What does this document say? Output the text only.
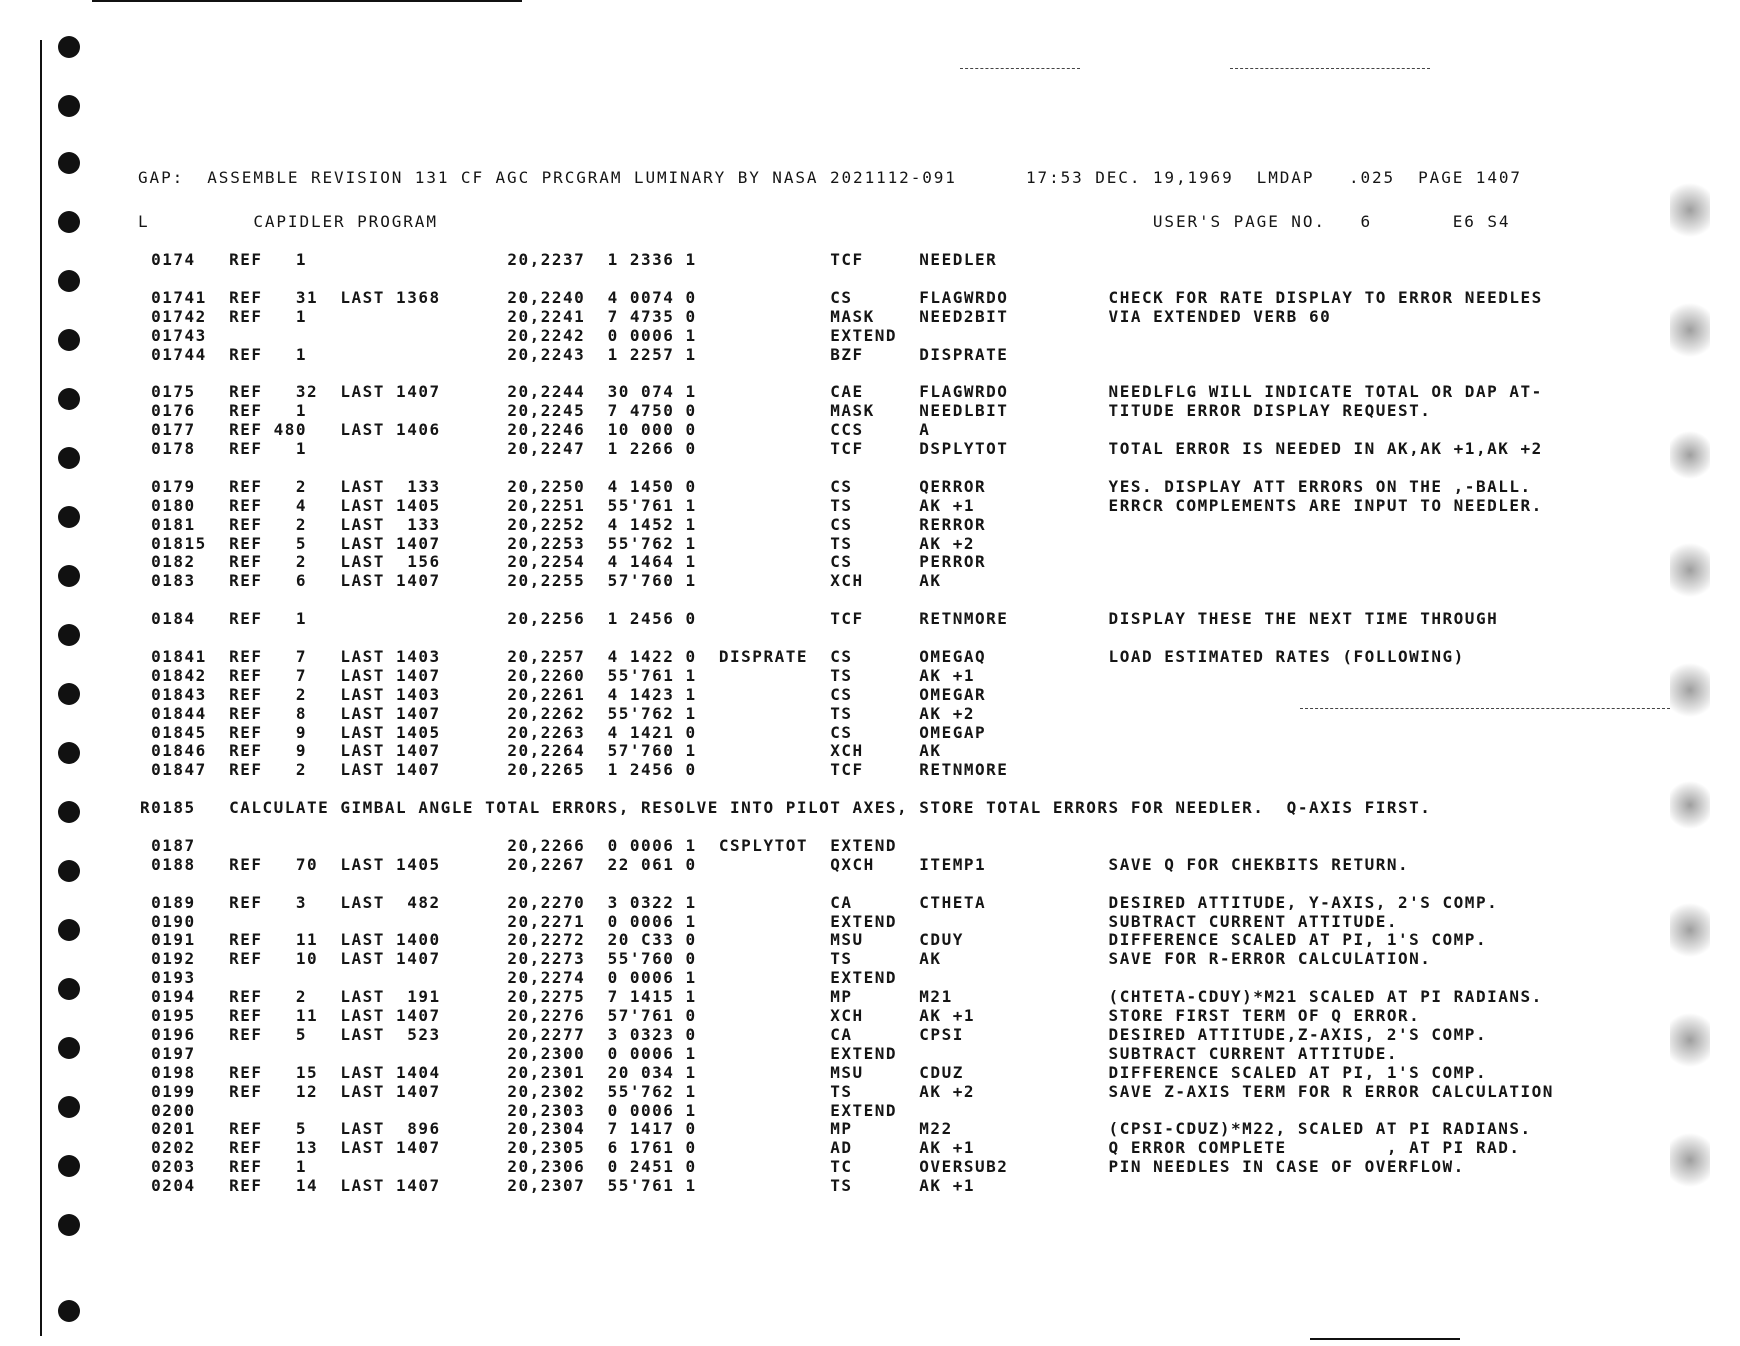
GAP:  ASSEMBLE REVISION 131 CF AGC PRCGRAM LUMINARY BY NASA 2021112-091      17:53 DEC. 19,1969  LMDAP   .025  PAGE 1407
L         CAPIDLER PROGRAM                                                              USER'S PAGE NO.   6       E6 S4
0174   REF   1                  20,2237  1 2336 1            TCF     NEEDLER
01741  REF   31  LAST 1368      20,2240  4 0074 0            CS      FLAGWRDO         CHECK FOR RATE DISPLAY TO ERROR NEEDLES
01742  REF   1                  20,2241  7 4735 0            MASK    NEED2BIT         VIA EXTENDED VERB 60
01743                           20,2242  0 0006 1            EXTEND
01744  REF   1                  20,2243  1 2257 1            BZF     DISPRATE
0175   REF   32  LAST 1407      20,2244  30 074 1            CAE     FLAGWRDO         NEEDLFLG WILL INDICATE TOTAL OR DAP AT-
0176   REF   1                  20,2245  7 4750 0            MASK    NEEDLBIT         TITUDE ERROR DISPLAY REQUEST.
0177   REF 480   LAST 1406      20,2246  10 000 0            CCS     A
0178   REF   1                  20,2247  1 2266 0            TCF     DSPLYTOT         TOTAL ERROR IS NEEDED IN AK,AK +1,AK +2
0179   REF   2   LAST  133      20,2250  4 1450 0            CS      QERROR           YES. DISPLAY ATT ERRORS ON THE ,-BALL.
0180   REF   4   LAST 1405      20,2251  55'761 1            TS      AK +1            ERRCR COMPLEMENTS ARE INPUT TO NEEDLER.
0181   REF   2   LAST  133      20,2252  4 1452 1            CS      RERROR
01815  REF   5   LAST 1407      20,2253  55'762 1            TS      AK +2
0182   REF   2   LAST  156      20,2254  4 1464 1            CS      PERROR
0183   REF   6   LAST 1407      20,2255  57'760 1            XCH     AK
0184   REF   1                  20,2256  1 2456 0            TCF     RETNMORE         DISPLAY THESE THE NEXT TIME THROUGH
01841  REF   7   LAST 1403      20,2257  4 1422 0  DISPRATE  CS      OMEGAQ           LOAD ESTIMATED RATES (FOLLOWING)
01842  REF   7   LAST 1407      20,2260  55'761 1            TS      AK +1
01843  REF   2   LAST 1403      20,2261  4 1423 1            CS      OMEGAR
01844  REF   8   LAST 1407      20,2262  55'762 1            TS      AK +2
01845  REF   9   LAST 1405      20,2263  4 1421 0            CS      OMEGAP
01846  REF   9   LAST 1407      20,2264  57'760 1            XCH     AK
01847  REF   2   LAST 1407      20,2265  1 2456 0            TCF     RETNMORE
R0185   CALCULATE GIMBAL ANGLE TOTAL ERRORS, RESOLVE INTO PILOT AXES, STORE TOTAL ERRORS FOR NEEDLER.  Q-AXIS FIRST.
0187                            20,2266  0 0006 1  CSPLYTOT  EXTEND
0188   REF   70  LAST 1405      20,2267  22 061 0            QXCH    ITEMP1           SAVE Q FOR CHEKBITS RETURN.
0189   REF   3   LAST  482      20,2270  3 0322 1            CA      CTHETA           DESIRED ATTITUDE, Y-AXIS, 2'S COMP.
0190                            20,2271  0 0006 1            EXTEND                   SUBTRACT CURRENT ATTITUDE.
0191   REF   11  LAST 1400      20,2272  20 C33 0            MSU     CDUY             DIFFERENCE SCALED AT PI, 1'S COMP.
0192   REF   10  LAST 1407      20,2273  55'760 0            TS      AK               SAVE FOR R-ERROR CALCULATION.
0193                            20,2274  0 0006 1            EXTEND
0194   REF   2   LAST  191      20,2275  7 1415 1            MP      M21              (CHTETA-CDUY)*M21 SCALED AT PI RADIANS.
0195   REF   11  LAST 1407      20,2276  57'761 0            XCH     AK +1            STORE FIRST TERM OF Q ERROR.
0196   REF   5   LAST  523      20,2277  3 0323 0            CA      CPSI             DESIRED ATTITUDE,Z-AXIS, 2'S COMP.
0197                            20,2300  0 0006 1            EXTEND                   SUBTRACT CURRENT ATTITUDE.
0198   REF   15  LAST 1404      20,2301  20 034 1            MSU     CDUZ             DIFFERENCE SCALED AT PI, 1'S COMP.
0199   REF   12  LAST 1407      20,2302  55'762 1            TS      AK +2            SAVE Z-AXIS TERM FOR R ERROR CALCULATION
0200                            20,2303  0 0006 1            EXTEND
0201   REF   5   LAST  896      20,2304  7 1417 0            MP      M22              (CPSI-CDUZ)*M22, SCALED AT PI RADIANS.
0202   REF   13  LAST 1407      20,2305  6 1761 0            AD      AK +1            Q ERROR COMPLETE         , AT PI RAD.
0203   REF   1                  20,2306  0 2451 0            TC      OVERSUB2         PIN NEEDLES IN CASE OF OVERFLOW.
0204   REF   14  LAST 1407      20,2307  55'761 1            TS      AK +1
